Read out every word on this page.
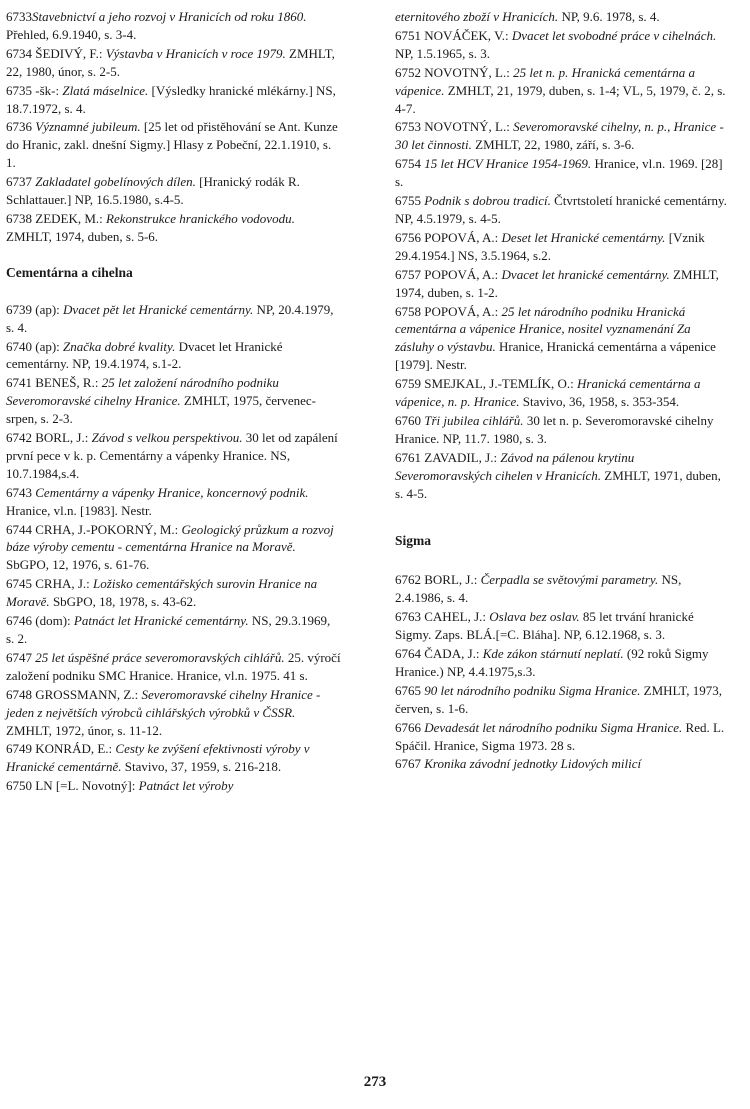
6733Stavebnictví a jeho rozvoj v Hranicích od roku 1860. Přehled, 6.9.1940, s. 3-4.
6734 ŠEDIVÝ, F.: Výstavba v Hranicích v roce 1979. ZMHLT, 22, 1980, únor, s. 2-5.
6735 -šk-: Zlatá máselnice. [Výsledky hranické mlékárny.] NS, 18.7.1972, s. 4.
6736 Významné jubileum. [25 let od přistěhování se Ant. Kunze do Hranic, zakl. dnešní Sigmy.] Hlasy z Pobeční, 22.1.1910, s. 1.
6737 Zakladatel gobelínových dílen. [Hranický rodák R. Schlattauer.] NP, 16.5.1980, s.4-5.
6738 ZEDEK, M.: Rekonstrukce hranického vodovodu. ZMHLT, 1974, duben, s. 5-6.
Cementárna a cihelna
6739 (ap): Dvacet pět let Hranické cementárny. NP, 20.4.1979, s. 4.
6740 (ap): Značka dobré kvality. Dvacet let Hranické cementárny. NP, 19.4.1974, s.1-2.
6741 BENEŠ, R.: 25 let založení národního podniku Severomoravské cihelny Hranice. ZMHLT, 1975, červenec-srpen, s. 2-3.
6742 BORL, J.: Závod s velkou perspektivou. 30 let od zapálení první pece v k. p. Cementárny a vápenky Hranice. NS, 10.7.1984,s.4.
6743 Cementárny a vápenky Hranice, koncernový podnik. Hranice, vl.n. [1983]. Nestr.
6744 CRHA, J.-POKORNÝ, M.: Geologický průzkum a rozvoj báze výroby cementu - cementárna Hranice na Moravě. SbGPO, 12, 1976, s. 61-76.
6745 CRHA, J.: Ložisko cementářských surovin Hranice na Moravě. SbGPO, 18, 1978, s. 43-62.
6746 (dom): Patnáct let Hranické cementárny. NS, 29.3.1969, s. 2.
6747 25 let úspěšné práce severomoravských cihlářů. 25. výročí založení podniku SMC Hranice. Hranice, vl.n. 1975. 41 s.
6748 GROSSMANN, Z.: Severomoravské cihelny Hranice - jeden z největších výrobců cihlářských výrobků v ČSSR. ZMHLT, 1972, únor, s. 11-12.
6749 KONRÁD, E.: Cesty ke zvýšení efektivnosti výroby v Hranické cementárně. Stavivo, 37, 1959, s. 216-218.
6750 LN [=L. Novotný]: Patnáct let výroby
eternitového zboží v Hranicích. NP, 9.6. 1978, s. 4.
6751 NOVÁČEK, V.: Dvacet let svobodné práce v cihelnách. NP, 1.5.1965, s. 3.
6752 NOVOTNÝ, L.: 25 let n. p. Hranická cementárna a vápenice. ZMHLT, 21, 1979, duben, s. 1-4; VL, 5, 1979, č. 2, s. 4-7.
6753 NOVOTNÝ, L.: Severomoravské cihelny, n. p., Hranice - 30 let činnosti. ZMHLT, 22, 1980, září, s. 3-6.
6754 15 let HCV Hranice 1954-1969. Hranice, vl.n. 1969. [28] s.
6755 Podnik s dobrou tradicí. Čtvrtstoletí hranické cementárny. NP, 4.5.1979, s. 4-5.
6756 POPOVÁ, A.: Deset let Hranické cementárny. [Vznik 29.4.1954.] NS, 3.5.1964, s.2.
6757 POPOVÁ, A.: Dvacet let hranické cementárny. ZMHLT, 1974, duben, s. 1-2.
6758 POPOVÁ, A.: 25 let národního podniku Hranická cementárna a vápenice Hranice, nositel vyznamenání Za zásluhy o výstavbu. Hranice, Hranická cementárna a vápenice [1979]. Nestr.
6759 SMEJKAL, J.-TEMLÍK, O.: Hranická cementárna a vápenice, n. p. Hranice. Stavivo, 36, 1958, s. 353-354.
6760 Tři jubilea cihlářů. 30 let n. p. Severomoravské cihelny Hranice. NP, 11.7. 1980, s. 3.
6761 ZAVADIL, J.: Závod na pálenou krytinu Severomoravských cihelen v Hranicích. ZMHLT, 1971, duben, s. 4-5.
Sigma
6762 BORL, J.: Čerpadla se světovými parametry. NS, 2.4.1986, s. 4.
6763 CAHEL, J.: Oslava bez oslav. 85 let trvání hranické Sigmy. Zaps. BLÁ.[=C. Bláha]. NP, 6.12.1968, s. 3.
6764 ČADA, J.: Kde zákon stárnutí neplatí. (92 roků Sigmy Hranice.) NP, 4.4.1975,s.3.
6765 90 let národního podniku Sigma Hranice. ZMHLT, 1973, červen, s. 1-6.
6766 Devadesát let národního podniku Sigma Hranice. Red. L. Spáčil. Hranice, Sigma 1973. 28 s.
6767 Kronika závodní jednotky Lidových milicí
273
